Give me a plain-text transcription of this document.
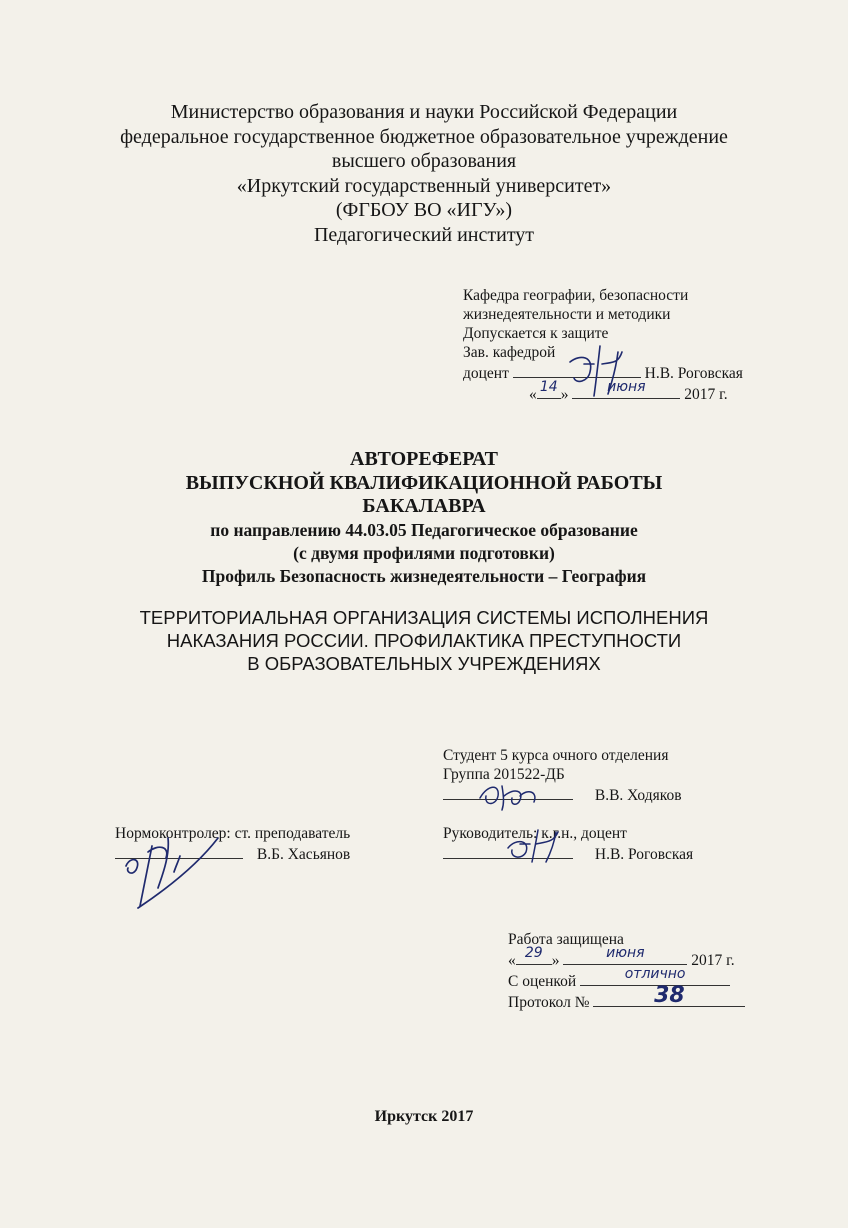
Министерство образования и науки Российской Федерации
федеральное государственное бюджетное образовательное учреждение
высшего образования
«Иркутский государственный университет»
(ФГБОУ ВО «ИГУ»)
Педагогический институт
Кафедра географии, безопасности
жизнедеятельности и методики
Допускается к защите
Зав. кафедрой
доцент	Н.В. Роговская
« 14 »	июня	2017 г.
АВТОРЕФЕРАТ
ВЫПУСКНОЙ КВАЛИФИКАЦИОННОЙ РАБОТЫ
БАКАЛАВРА
по направлению 44.03.05 Педагогическое образование
(с двумя профилями подготовки)
Профиль Безопасность жизнедеятельности – География
ТЕРРИТОРИАЛЬНАЯ ОРГАНИЗАЦИЯ СИСТЕМЫ ИСПОЛНЕНИЯ
НАКАЗАНИЯ РОССИИ. ПРОФИЛАКТИКА ПРЕСТУПНОСТИ
В ОБРАЗОВАТЕЛЬНЫХ УЧРЕЖДЕНИЯХ
Студент 5 курса очного отделения
Группа 201522-ДБ
В.В. Ходяков
Нормоконтролер: ст. преподаватель
В.Б. Хасьянов
Руководитель: к.г.н., доцент
Н.В. Роговская
Работа защищена
« 29 »	июня	2017 г.
С оценкой	отлично
Протокол №	38
Иркутск 2017
